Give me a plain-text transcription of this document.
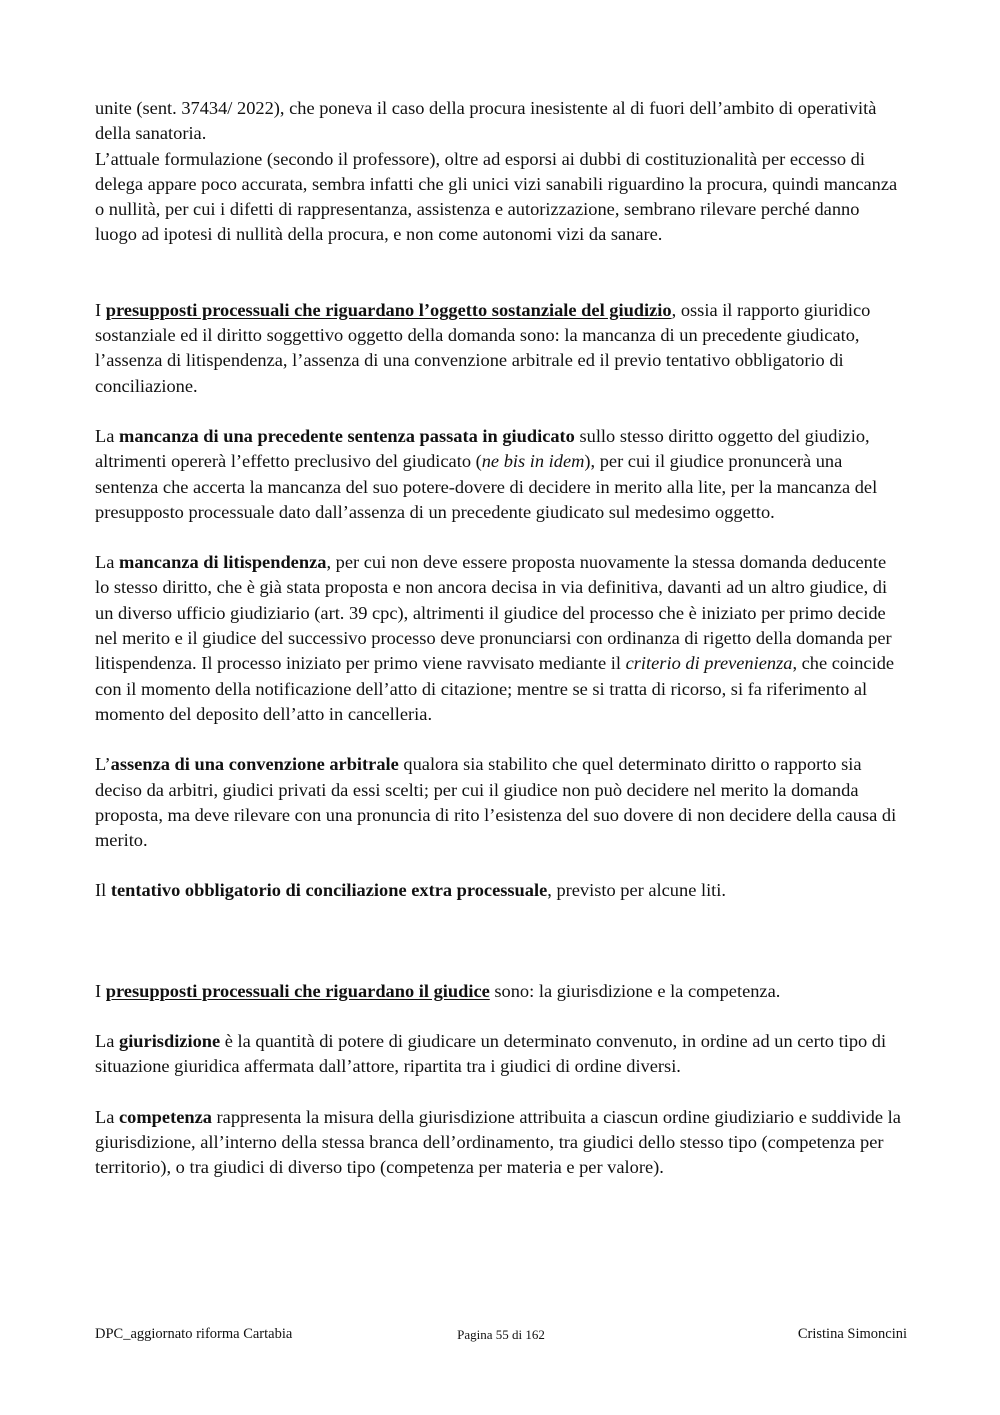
unite (sent. 37434/ 2022), che poneva il caso della procura inesistente al di fuori dell’ambito di operatività della sanatoria.

L’attuale formulazione (secondo il professore), oltre ad esporsi ai dubbi di costituzionalità per eccesso di delega appare poco accurata, sembra infatti che gli unici vizi sanabili riguardino la procura, quindi mancanza o nullità, per cui i difetti di rappresentanza, assistenza e autorizzazione, sembrano rilevare perché danno luogo ad ipotesi di nullità della procura, e non come autonomi vizi da sanare.

I presupposti processuali che riguardano l’oggetto sostanziale del giudizio, ossia il rapporto giuridico sostanziale ed il diritto soggettivo oggetto della domanda sono: la mancanza di un precedente giudicato, l’assenza di litispendenza, l’assenza di una convenzione arbitrale ed il previo tentativo obbligatorio di conciliazione.

La mancanza di una precedente sentenza passata in giudicato sullo stesso diritto oggetto del giudizio, altrimenti opererà l’effetto preclusivo del giudicato (ne bis in idem), per cui il giudice pronuncerà una sentenza che accerta la mancanza del suo potere-dovere di decidere in merito alla lite, per la mancanza del presupposto processuale dato dall’assenza di un precedente giudicato sul medesimo oggetto.

La mancanza di litispendenza, per cui non deve essere proposta nuovamente la stessa domanda deducente lo stesso diritto, che è già stata proposta e non ancora decisa in via definitiva, davanti ad un altro giudice, di un diverso ufficio giudiziario (art. 39 cpc), altrimenti il giudice del processo che è iniziato per primo decide nel merito e il giudice del successivo processo deve pronunciarsi con ordinanza di rigetto della domanda per litispendenza. Il processo iniziato per primo viene ravvisato mediante il criterio di prevenienza, che coincide con il momento della notificazione dell’atto di citazione; mentre se si tratta di ricorso, si fa riferimento al momento del deposito dell’atto in cancelleria.

L’assenza di una convenzione arbitrale qualora sia stabilito che quel determinato diritto o rapporto sia deciso da arbitri, giudici privati da essi scelti; per cui il giudice non può decidere nel merito la domanda proposta, ma deve rilevare con una pronuncia di rito l’esistenza del suo dovere di non decidere della causa di merito.

Il tentativo obbligatorio di conciliazione extra processuale, previsto per alcune liti.

I presupposti processuali che riguardano il giudice sono: la giurisdizione e la competenza.

La giurisdizione è la quantità di potere di giudicare un determinato convenuto, in ordine ad un certo tipo di situazione giuridica affermata dall’attore, ripartita tra i giudici di ordine diversi.

La competenza rappresenta la misura della giurisdizione attribuita a ciascun ordine giudiziario e suddivide la giurisdizione, all’interno della stessa branca dell’ordinamento, tra giudici dello stesso tipo (competenza per territorio), o tra giudici di diverso tipo (competenza per materia e per valore).

DPC_aggiornato riforma Cartabia	Pagina 55 di 162	Cristina Simoncini
